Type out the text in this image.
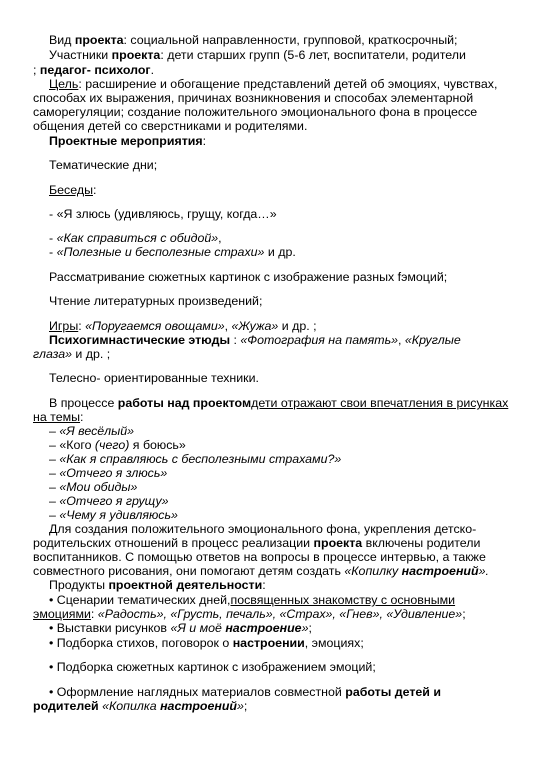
Вид проекта: социальной направленности, групповой, краткосрочный;
Участники проекта: дети старших групп (5-6 лет, воспитатели, родители
; педагог- психолог.
Цель: расширение и обогащение представлений детей об эмоциях, чувствах,
способах их выражения, причинах возникновения и способах элементарной
саморегуляции; создание положительного эмоционального фона в процессе
общения детей со сверстниками и родителями.
Проектные мероприятия:
Тематические дни;
Беседы:
- «Я злюсь (удивляюсь, грущу, когда…»
- «Как справиться с обидой»,
- «Полезные и бесполезные страхи» и др.
Рассматривание сюжетных картинок с изображение разных fэмоций;
Чтение литературных произведений;
Игры: «Поругаемся овощами», «Жужа» и др. ;
Психогимнастические этюды : «Фотография на память», «Круглые
глаза» и др. ;
Телесно- ориентированные техники.
В процессе работы над проектомдети отражают свои впечатления в рисунках
на темы:
– «Я весёлый»
– «Кого (чего) я боюсь»
– «Как я справляюсь с бесполезными страхами?»
– «Отчего я злюсь»
– «Мои обиды»
– «Отчего я грущу»
– «Чему я удивляюсь»
Для создания положительного эмоционального фона, укрепления детско-
родительских отношений в процесс реализации проекта включены родители
воспитанников. С помощью ответов на вопросы в процессе интервью, а также
совместного рисования, они помогают детям создать «Копилку настроений».
Продукты проектной деятельности:
• Сценарии тематических дней,посвященных знакомству с основными
эмоциями: «Радость», «Грусть, печаль», «Страх», «Гнев», «Удивление»;
• Выставки рисунков «Я и моё настроение»;
• Подборка стихов, поговорок о настроении, эмоциях;
• Подборка сюжетных картинок с изображением эмоций;
• Оформление наглядных материалов совместной работы детей и
родителей «Копилка настроений»;
